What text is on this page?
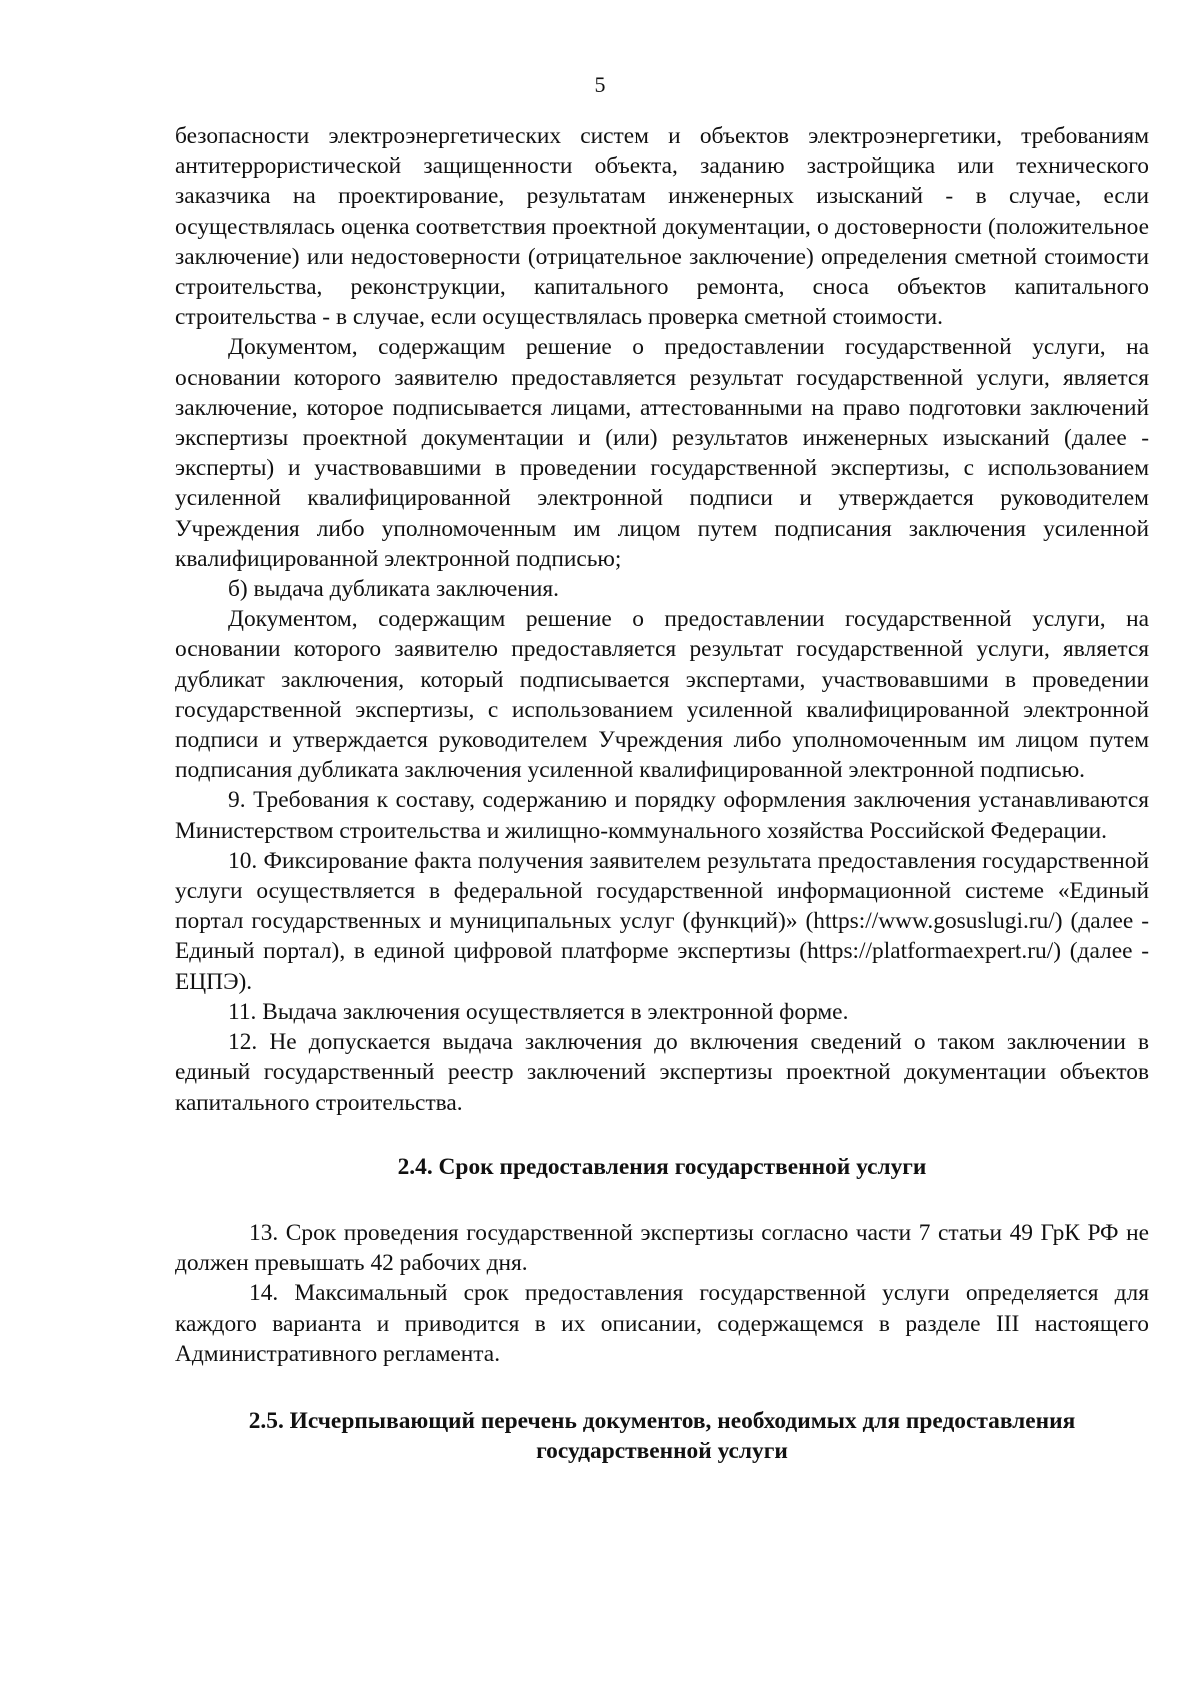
5

безопасности электроэнергетических систем и объектов электроэнергетики, требованиям антитеррористической защищенности объекта, заданию застройщика или технического заказчика на проектирование, результатам инженерных изысканий - в случае, если осуществлялась оценка соответствия проектной документации, о достоверности (положительное заключение) или недостоверности (отрицательное заключение) определения сметной стоимости строительства, реконструкции, капитального ремонта, сноса объектов капитального строительства - в случае, если осуществлялась проверка сметной стоимости.

Документом, содержащим решение о предоставлении государственной услуги, на основании которого заявителю предоставляется результат государственной услуги, является заключение, которое подписывается лицами, аттестованными на право подготовки заключений экспертизы проектной документации и (или) результатов инженерных изысканий (далее - эксперты) и участвовавшими в проведении государственной экспертизы, с использованием усиленной квалифицированной электронной подписи и утверждается руководителем Учреждения либо уполномоченным им лицом путем подписания заключения усиленной квалифицированной электронной подписью;

б) выдача дубликата заключения.

Документом, содержащим решение о предоставлении государственной услуги, на основании которого заявителю предоставляется результат государственной услуги, является дубликат заключения, который подписывается экспертами, участвовавшими в проведении государственной экспертизы, с использованием усиленной квалифицированной электронной подписи и утверждается руководителем Учреждения либо уполномоченным им лицом путем подписания дубликата заключения усиленной квалифицированной электронной подписью.

9. Требования к составу, содержанию и порядку оформления заключения устанавливаются Министерством строительства и жилищно-коммунального хозяйства Российской Федерации.

10. Фиксирование факта получения заявителем результата предоставления государственной услуги осуществляется в федеральной государственной информационной системе «Единый портал государственных и муниципальных услуг (функций)» (https://www.gosuslugi.ru/) (далее - Единый портал), в единой цифровой платформе экспертизы (https://platformaexpert.ru/) (далее - ЕЦПЭ).

11. Выдача заключения осуществляется в электронной форме.

12. Не допускается выдача заключения до включения сведений о таком заключении в единый государственный реестр заключений экспертизы проектной документации объектов капитального строительства.

2.4. Срок предоставления государственной услуги

13. Срок проведения государственной экспертизы согласно части 7 статьи 49 ГрК РФ не должен превышать 42 рабочих дня.

14. Максимальный срок предоставления государственной услуги определяется для каждого варианта и приводится в их описании, содержащемся в разделе III настоящего Административного регламента.

2.5. Исчерпывающий перечень документов, необходимых для предоставления государственной услуги
